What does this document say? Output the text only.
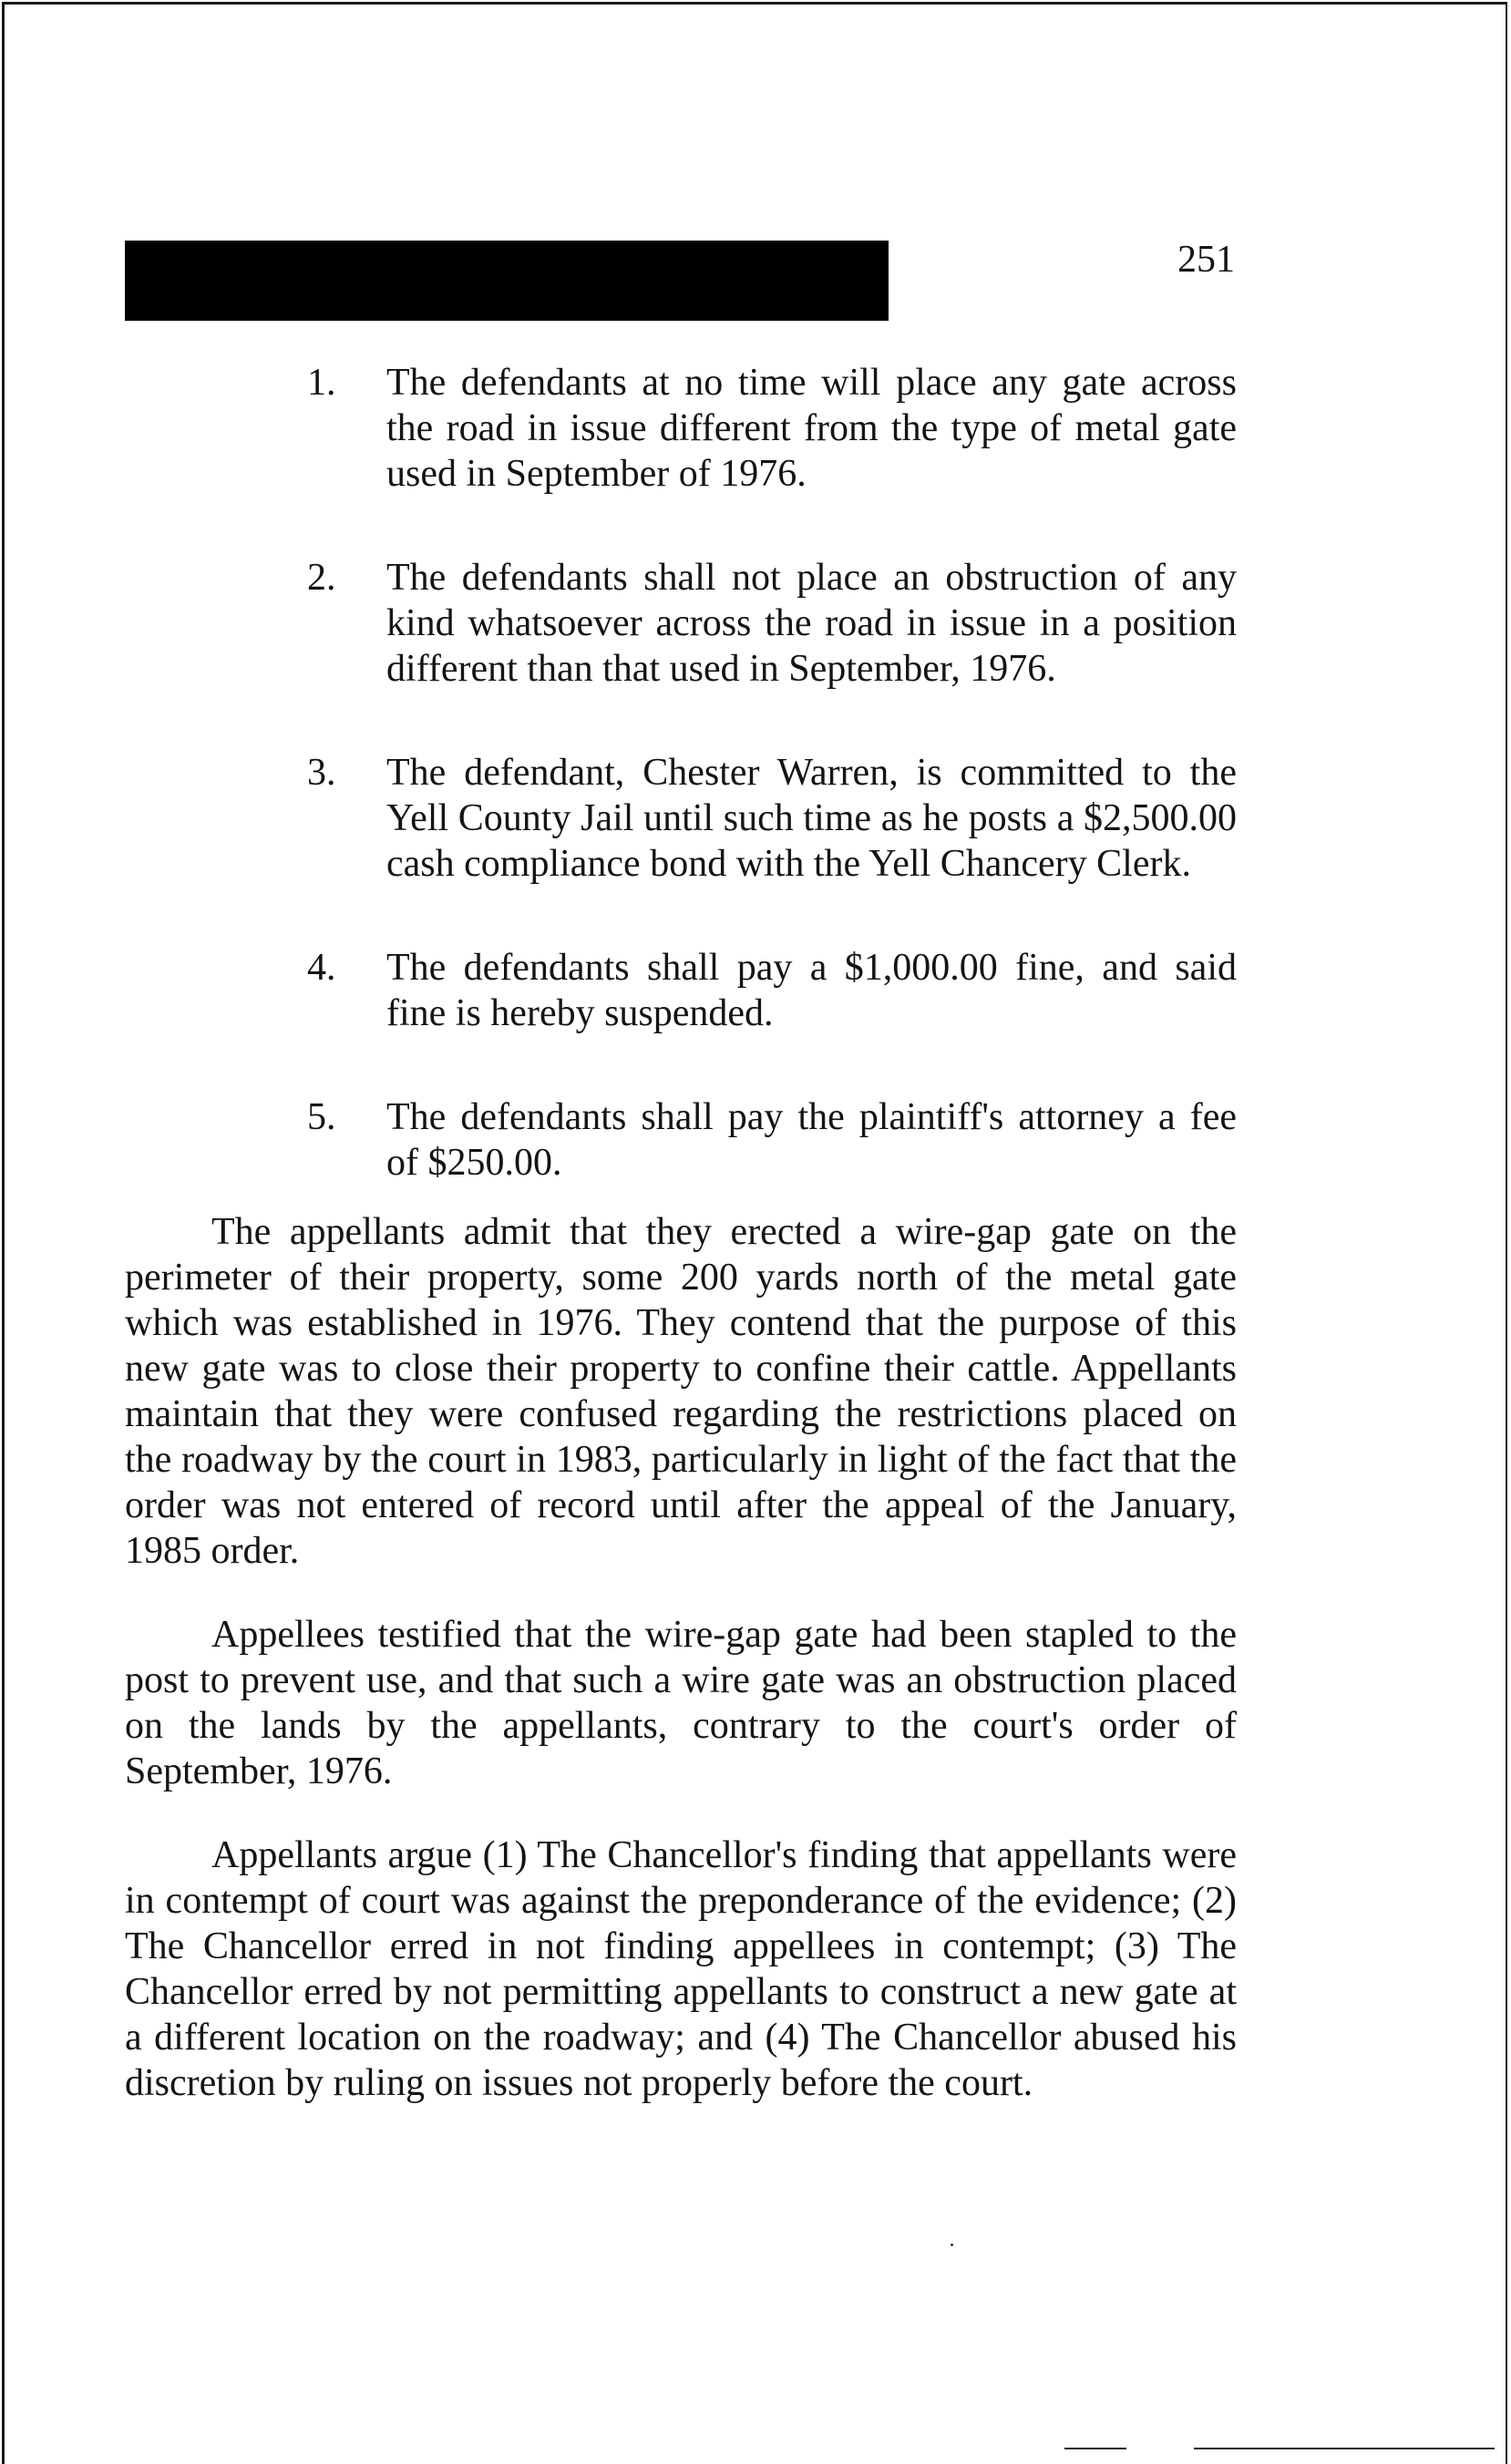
251
1.	The defendants at no time will place any gate across the road in issue different from the type of metal gate used in September of 1976.
2.	The defendants shall not place an obstruction of any kind whatsoever across the road in issue in a position different than that used in September, 1976.
3.	The defendant, Chester Warren, is committed to the Yell County Jail until such time as he posts a $2,500.00 cash compliance bond with the Yell Chancery Clerk.
4.	The defendants shall pay a $1,000.00 fine, and said fine is hereby suspended.
5.	The defendants shall pay the plaintiff's attorney a fee of $250.00.

The appellants admit that they erected a wire-gap gate on the perimeter of their property, some 200 yards north of the metal gate which was established in 1976. They contend that the purpose of this new gate was to close their property to confine their cattle. Appellants maintain that they were confused regarding the restrictions placed on the roadway by the court in 1983, particularly in light of the fact that the order was not entered of record until after the appeal of the January, 1985 order.

Appellees testified that the wire-gap gate had been stapled to the post to prevent use, and that such a wire gate was an obstruction placed on the lands by the appellants, contrary to the court's order of September, 1976.

Appellants argue (1) The Chancellor's finding that appellants were in contempt of court was against the preponderance of the evidence; (2) The Chancellor erred in not finding appellees in contempt; (3) The Chancellor erred by not permitting appellants to construct a new gate at a different location on the roadway; and (4) The Chancellor abused his discretion by ruling on issues not properly before the court.
